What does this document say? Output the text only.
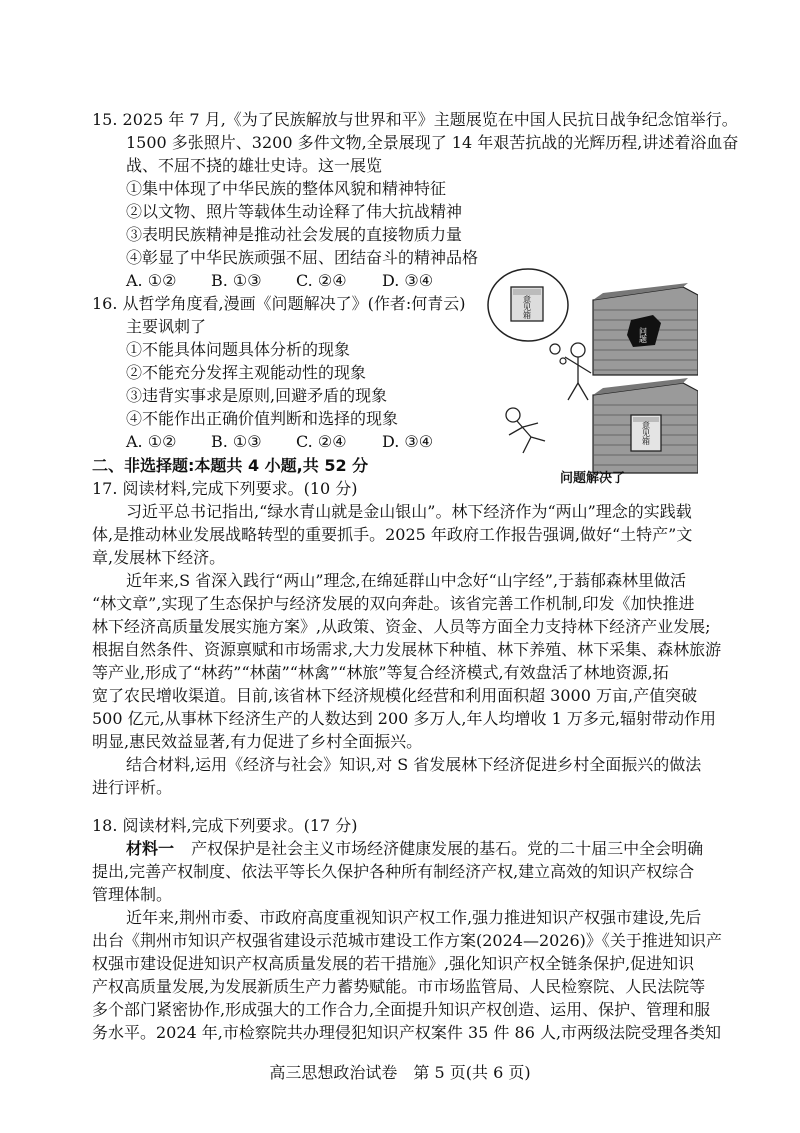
15. 2025 年 7 月,《为了民族解放与世界和平》主题展览在中国人民抗日战争纪念馆举行。
1500 多张照片、3200 多件文物,全景展现了 14 年艰苦抗战的光辉历程,讲述着浴血奋
战、不屈不挠的雄壮史诗。这一展览
①集中体现了中华民族的整体风貌和精神特征
②以文物、照片等载体生动诠释了伟大抗战精神
③表明民族精神是推动社会发展的直接物质力量
④彰显了中华民族顽强不屈、团结奋斗的精神品格
A. ①② B. ①③ C. ②④ D. ③④
16. 从哲学角度看,漫画《问题解决了》(作者:何青云)
主要讽刺了
①不能具体问题具体分析的现象
②不能充分发挥主观能动性的现象
③违背实事求是原则,回避矛盾的现象
④不能作出正确价值判断和选择的现象
A. ①② B. ①③ C. ②④ D. ③④
意见箱
问题
意见箱
问题解决了
二、非选择题:本题共 4 小题,共 52 分
17. 阅读材料,完成下列要求。(10 分)
习近平总书记指出,“绿水青山就是金山银山”。林下经济作为“两山”理念的实践载
体,是推动林业发展战略转型的重要抓手。2025 年政府工作报告强调,做好“土特产”文
章,发展林下经济。
近年来,S 省深入践行“两山”理念,在绵延群山中念好“山字经”,于蓊郁森林里做活
“林文章”,实现了生态保护与经济发展的双向奔赴。该省完善工作机制,印发《加快推进
林下经济高质量发展实施方案》,从政策、资金、人员等方面全力支持林下经济产业发展;
根据自然条件、资源禀赋和市场需求,大力发展林下种植、林下养殖、林下采集、森林旅游
等产业,形成了“林药”“林菌”“林禽”“林旅”等复合经济模式,有效盘活了林地资源,拓
宽了农民增收渠道。目前,该省林下经济规模化经营和利用面积超 3000 万亩,产值突破
500 亿元,从事林下经济生产的人数达到 200 多万人,年人均增收 1 万多元,辐射带动作用
明显,惠民效益显著,有力促进了乡村全面振兴。
结合材料,运用《经济与社会》知识,对 S 省发展林下经济促进乡村全面振兴的做法
进行评析。
18. 阅读材料,完成下列要求。(17 分)
材料一 产权保护是社会主义市场经济健康发展的基石。党的二十届三中全会明确
提出,完善产权制度、依法平等长久保护各种所有制经济产权,建立高效的知识产权综合
管理体制。
近年来,荆州市委、市政府高度重视知识产权工作,强力推进知识产权强市建设,先后
出台《荆州市知识产权强省建设示范城市建设工作方案(2024—2026)》《关于推进知识产
权强市建设促进知识产权高质量发展的若干措施》,强化知识产权全链条保护,促进知识
产权高质量发展,为发展新质生产力蓄势赋能。市市场监管局、人民检察院、人民法院等
多个部门紧密协作,形成强大的工作合力,全面提升知识产权创造、运用、保护、管理和服
务水平。2024 年,市检察院共办理侵犯知识产权案件 35 件 86 人,市两级法院受理各类知
高三思想政治试卷　第 5 页(共 6 页)
